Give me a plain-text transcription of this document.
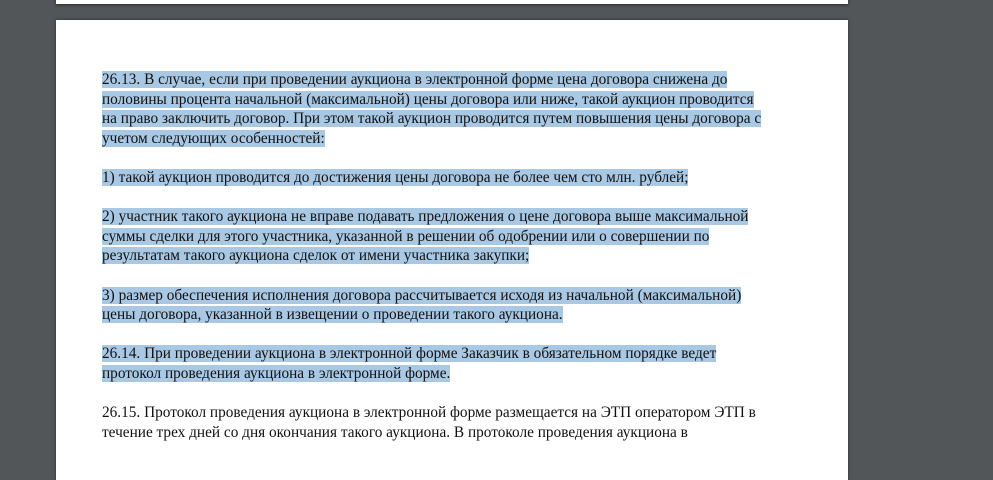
26.13. В случае, если при проведении аукциона в электронной форме цена договора снижена до
половины процента начальной (максимальной) цены договора или ниже, такой аукцион проводится
на право заключить договор. При этом такой аукцион проводится путем повышения цены договора с
учетом следующих особенностей:
1) такой аукцион проводится до достижения цены договора не более чем сто млн. рублей;
2) участник такого аукциона не вправе подавать предложения о цене договора выше максимальной
суммы сделки для этого участника, указанной в решении об одобрении или о совершении по
результатам такого аукциона сделок от имени участника закупки;
3) размер обеспечения исполнения договора рассчитывается исходя из начальной (максимальной)
цены договора, указанной в извещении о проведении такого аукциона.
26.14. При проведении аукциона в электронной форме Заказчик в обязательном порядке ведет
протокол проведения аукциона в электронной форме.
26.15. Протокол проведения аукциона в электронной форме размещается на ЭТП оператором ЭТП в
течение трех дней со дня окончания такого аукциона. В протоколе проведения аукциона в
